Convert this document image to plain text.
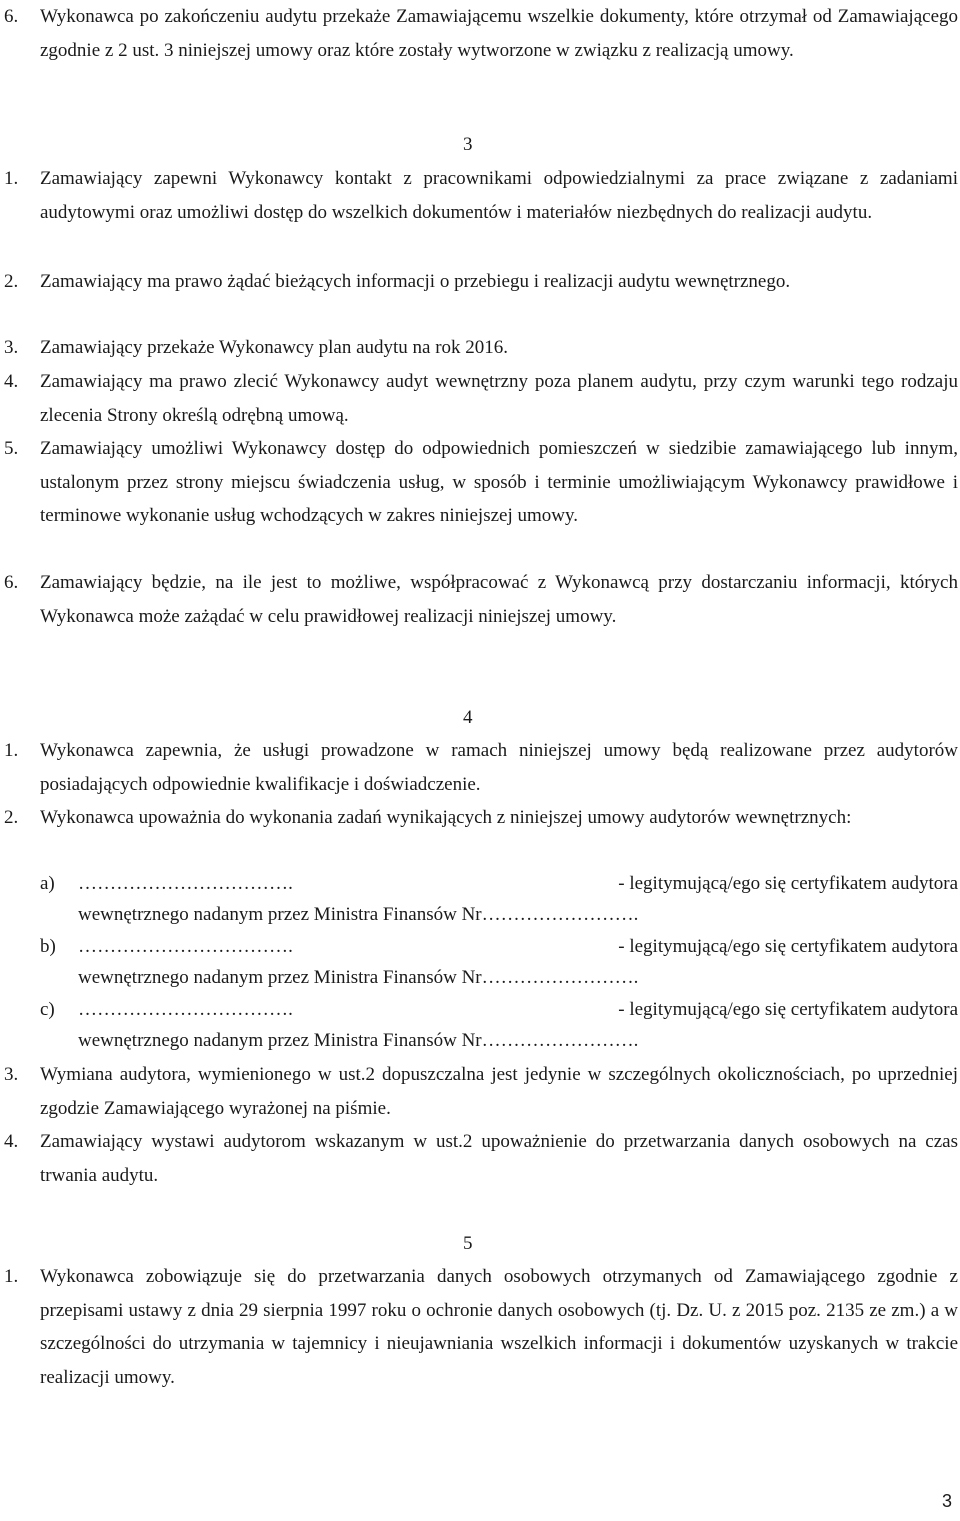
6. Wykonawca po zakończeniu audytu przekaże Zamawiającemu wszelkie dokumenty, które otrzymał od Zamawiającego zgodnie z 2 ust. 3 niniejszej umowy oraz które zostały wytworzone w związku z realizacją umowy.
3
1. Zamawiający zapewni Wykonawcy kontakt z pracownikami odpowiedzialnymi za prace związane z zadaniami audytowymi oraz umożliwi dostęp do wszelkich dokumentów i materiałów niezbędnych do realizacji audytu.
2. Zamawiający ma prawo żądać bieżących informacji o przebiegu i realizacji audytu wewnętrznego.
3. Zamawiający przekaże Wykonawcy plan audytu na rok 2016.
4. Zamawiający ma prawo zlecić Wykonawcy audyt wewnętrzny poza planem audytu, przy czym warunki tego rodzaju zlecenia Strony określą odrębną umową.
5. Zamawiający umożliwi Wykonawcy dostęp do odpowiednich pomieszczeń w siedzibie zamawiającego lub innym, ustalonym przez strony miejscu świadczenia usług, w sposób i terminie umożliwiającym Wykonawcy prawidłowe i terminowe wykonanie usług wchodzących w zakres niniejszej umowy.
6. Zamawiający będzie, na ile jest to możliwe, współpracować z Wykonawcą przy dostarczaniu informacji, których Wykonawca może zażądać w celu prawidłowej realizacji niniejszej umowy.
4
1. Wykonawca zapewnia, że usługi prowadzone w ramach niniejszej umowy będą realizowane przez audytorów posiadających odpowiednie kwalifikacje i doświadczenie.
2. Wykonawca upoważnia do wykonania zadań wynikających z niniejszej umowy audytorów wewnętrznych:
a) …………………………….	- legitymującą/ego się certyfikatem audytora
wewnętrznego nadanym przez Ministra Finansów Nr …………………….
b) …………………………….	- legitymującą/ego się certyfikatem audytora
wewnętrznego nadanym przez Ministra Finansów Nr …………………….
c) …………………………….	- legitymującą/ego się certyfikatem audytora
wewnętrznego nadanym przez Ministra Finansów Nr …………………….
3. Wymiana audytora, wymienionego w ust.2 dopuszczalna jest jedynie w szczególnych okolicznościach, po uprzedniej zgodzie Zamawiającego wyrażonej na piśmie.
4. Zamawiający wystawi audytorom wskazanym w ust.2 upoważnienie do przetwarzania danych osobowych na czas trwania audytu.
5
1. Wykonawca zobowiązuje się do przetwarzania danych osobowych otrzymanych od Zamawiającego zgodnie z przepisami ustawy z dnia 29 sierpnia 1997 roku o ochronie danych osobowych (tj. Dz. U. z 2015 poz. 2135 ze zm.) a w szczególności do utrzymania w tajemnicy i nieujawniania wszelkich informacji i dokumentów uzyskanych w trakcie realizacji umowy.
3
